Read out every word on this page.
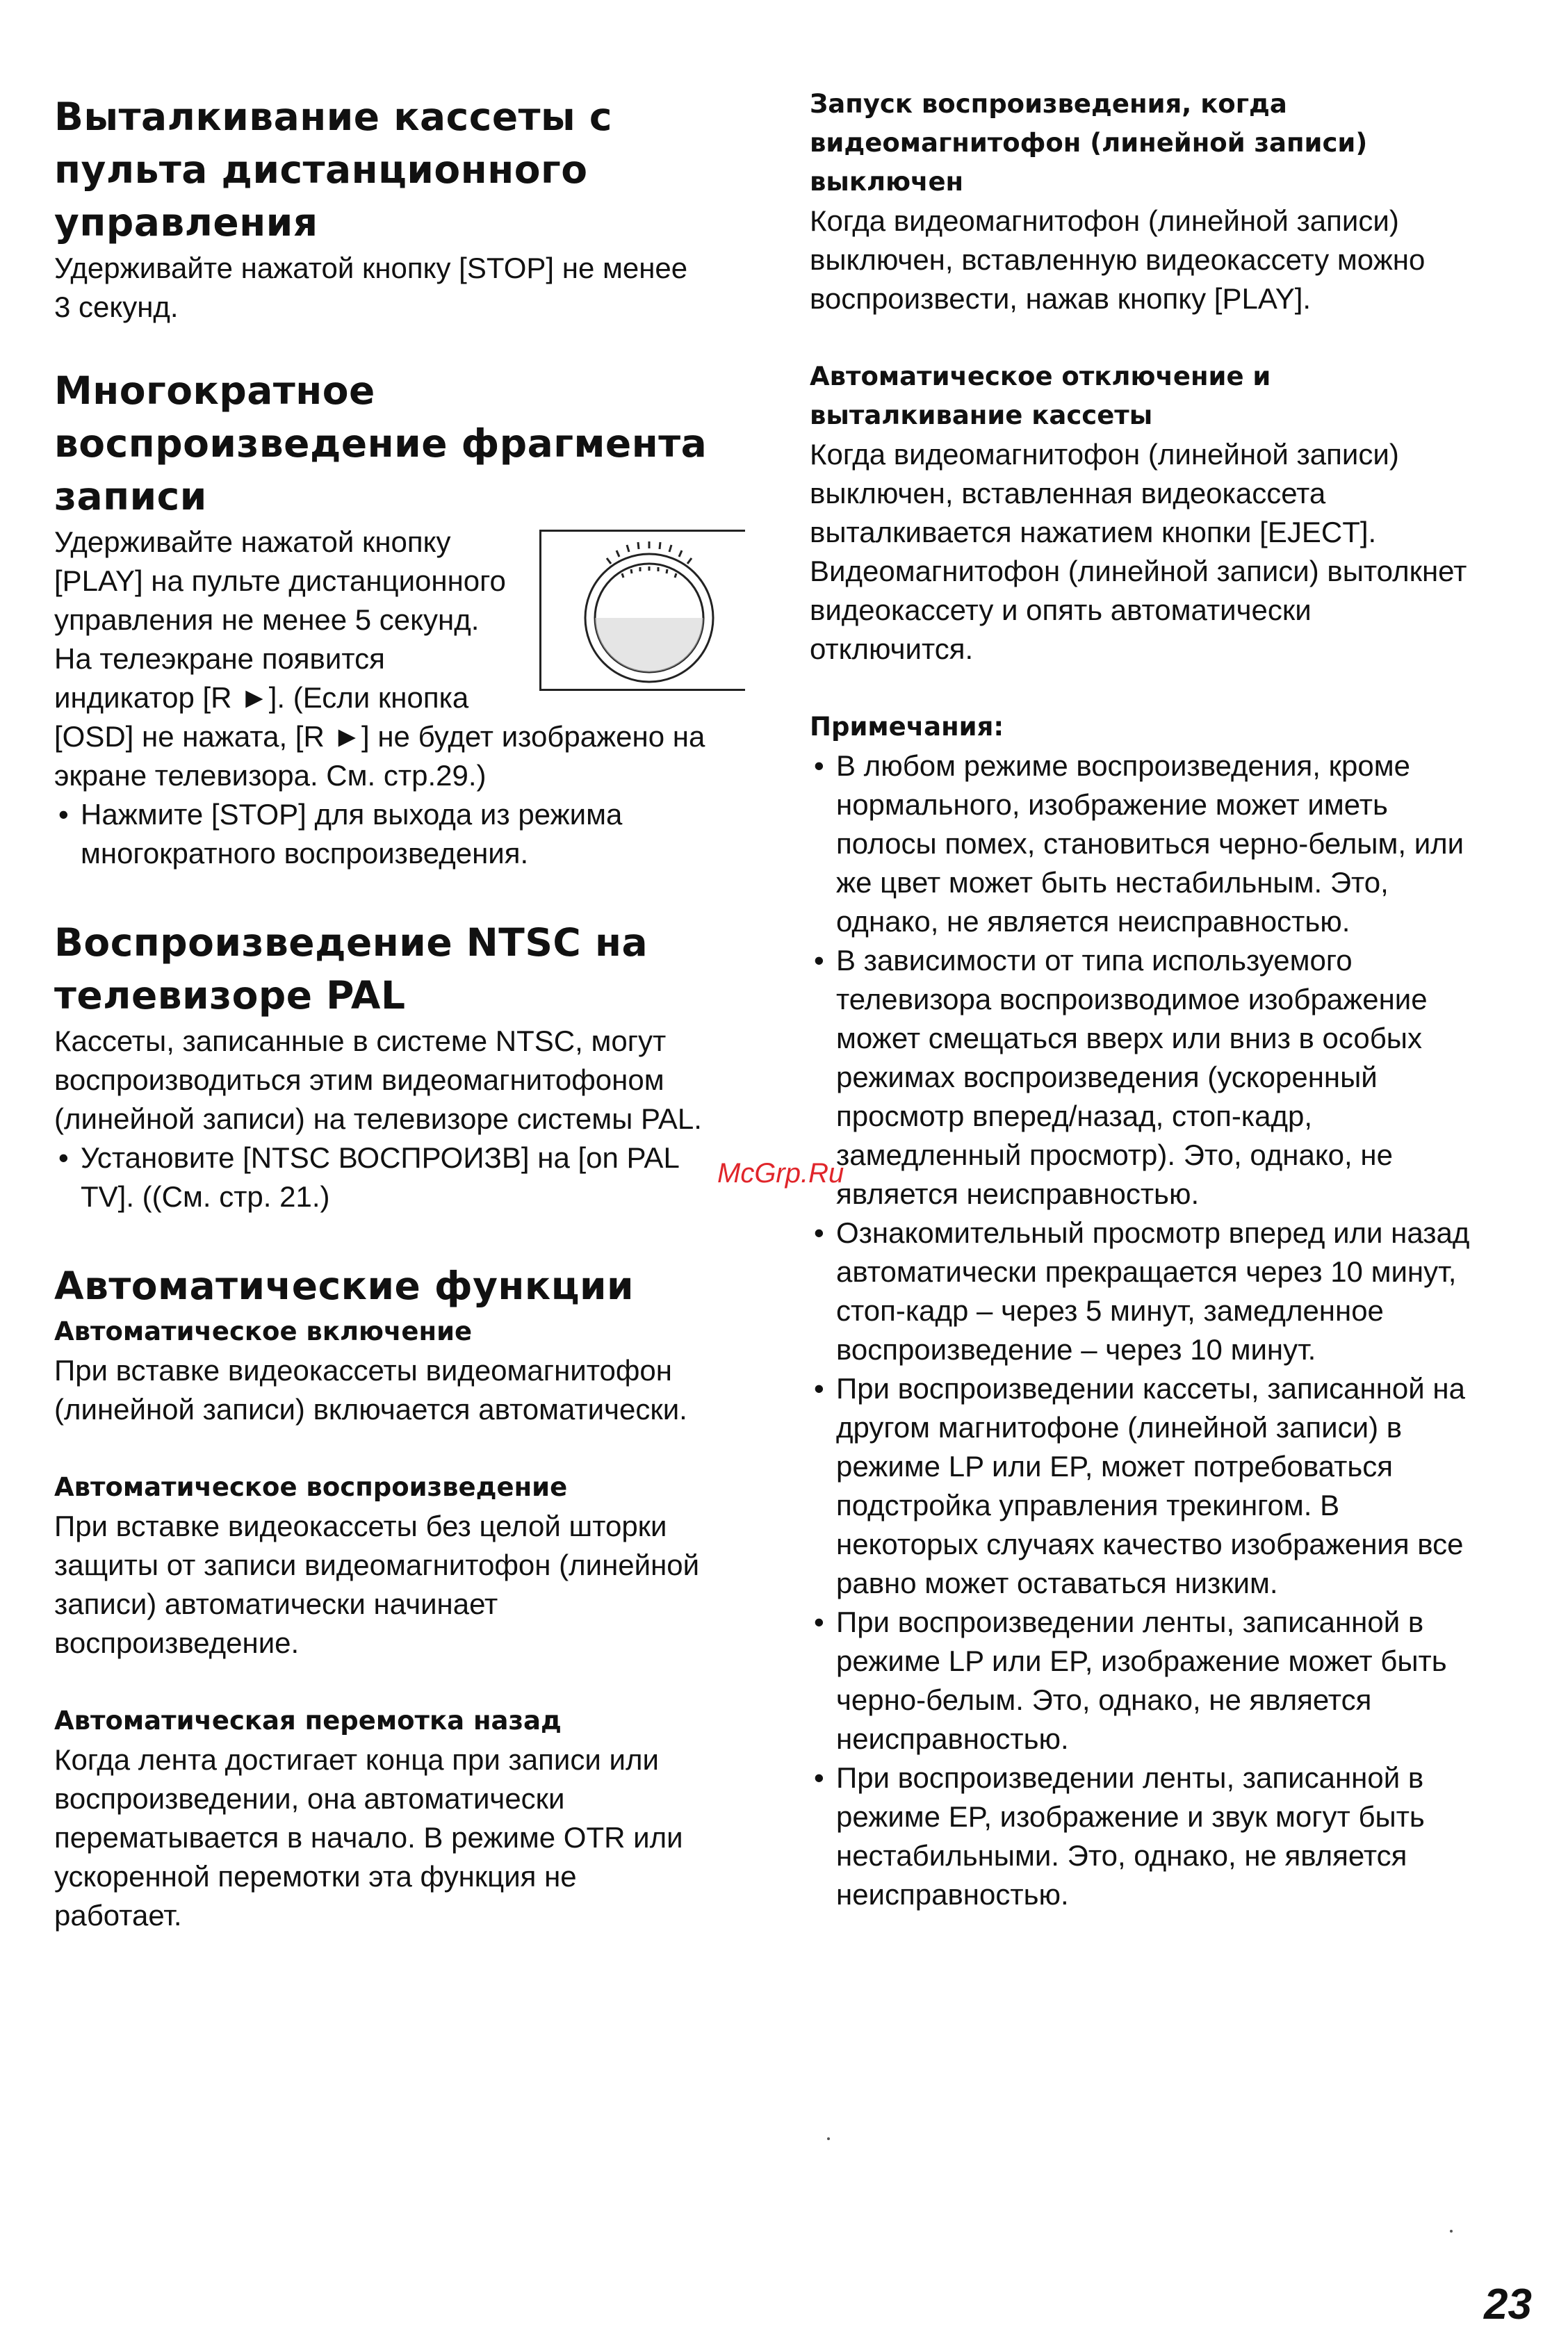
Выталкивание кассеты с
пульта дистанционного
управления

Удерживайте нажатой кнопку [STOP] не менее
3 секунд.

Многократное
воспроизведение фрагмента
записи

Удерживайте нажатой кнопку
[PLAY] на пульте дистанционного
управления не менее 5 секунд.
На телеэкране появится
индикатор [R ►]. (Если кнопка
[OSD] не нажата, [R ►] не будет изображено на
экране телевизора. См. стр.29.)

• Нажмите [STOP] для выхода из режима
многократного воспроизведения.
Воспроизведение NTSC на
телевизоре PAL

Кассеты, записанные в системе NTSC, могут
воспроизводиться этим видеомагнитофоном
(линейной записи) на телевизоре системы PAL.

• Установите [NTSC ВОСПРОИЗВ] на [on PAL
TV]. ((См. стр. 21.)
Автоматические функции
Автоматическое включение

При вставке видеокассеты видеомагнитофон
(линейной записи) включается автоматически.

Автоматическое воспроизведение

При вставке видеокассеты без целой шторки
защиты от записи видеомагнитофон (линейной
записи) автоматически начинает
воспроизведение.

Автоматическая перемотка назад

Когда лента достигает конца при записи или
воспроизведении, она автоматически
перематывается в начало. В режиме OTR или
ускоренной перемотки эта функция не
работает.

Запуск воспроизведения, когда
видеомагнитофон (линейной записи)
выключен

Когда видеомагнитофон (линейной записи)
выключен, вставленную видеокассету можно
воспроизвести, нажав кнопку [PLAY].

Автоматическое отключение и
выталкивание кассеты

Когда видеомагнитофон (линейной записи)
выключен, вставленная видеокассета
выталкивается нажатием кнопки [EJECT].
Видеомагнитофон (линейной записи) вытолкнет
видеокассету и опять автоматически
отключится.

Примечания:
• В любом режиме воспроизведения, кроме
нормального, изображение может иметь
полосы помех, становиться черно-белым, или
же цвет может быть нестабильным. Это,
однако, не является неисправностью.
• В зависимости от типа используемого
телевизора воспроизводимое изображение
может смещаться вверх или вниз в особых
режимах воспроизведения (ускоренный
просмотр вперед/назад, стоп-кадр,
замедленный просмотр). Это, однако, не
является неисправностью.
• Ознакомительный просмотр вперед или назад
автоматически прекращается через 10 минут,
стоп-кадр – через 5 минут, замедленное
воспроизведение – через 10 минут.
• При воспроизведении кассеты, записанной на
другом магнитофоне (линейной записи) в
режиме LP или EP, может потребоваться
подстройка управления трекингом. В
некоторых случаях качество изображения все
равно может оставаться низким.
• При воспроизведении ленты, записанной в
режиме LP или EP, изображение может быть
черно-белым. Это, однако, не является
неисправностью.
• При воспроизведении ленты, записанной в
режиме EP, изображение и звук могут быть
нестабильными. Это, однако, не является
неисправностью.
McGrp.Ru
23
